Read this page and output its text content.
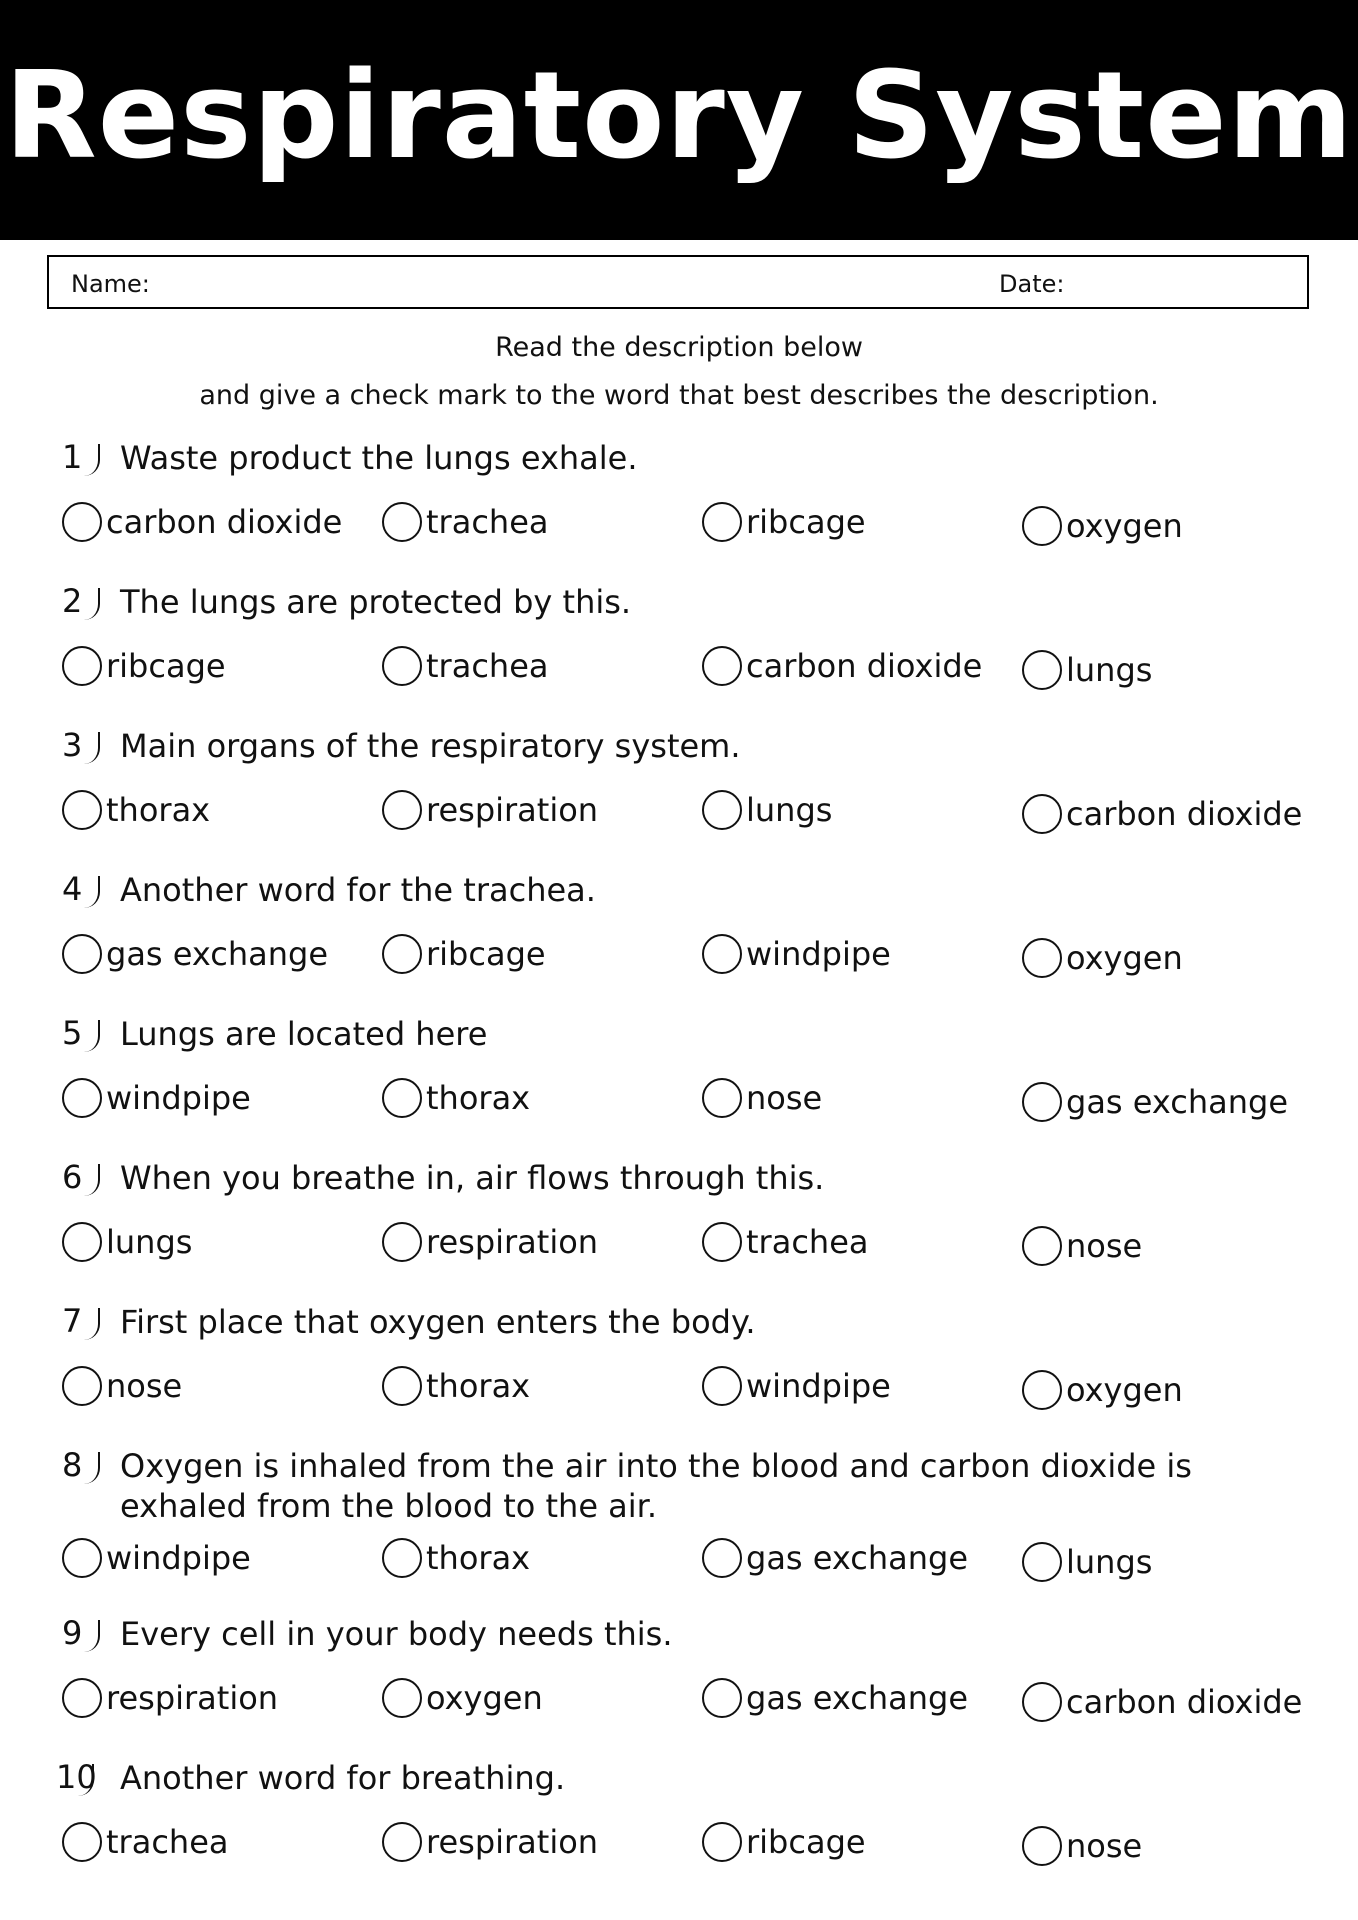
Respiratory System
Name:	Date:
Read the description below
and give a check mark to the word that best describes the description.
1	Waste product the lungs exhale.
carbon dioxide	trachea	ribcage	oxygen
2	The lungs are protected by this.
ribcage	trachea	carbon dioxide	lungs
3	Main organs of the respiratory system.
thorax	respiration	lungs	carbon dioxide
4	Another word for the trachea.
gas exchange	ribcage	windpipe	oxygen
5	Lungs are located here
windpipe	thorax	nose	gas exchange
6	When you breathe in, air flows through this.
lungs	respiration	trachea	nose
7	First place that oxygen enters the body.
nose	thorax	windpipe	oxygen
8	Oxygen is inhaled from the air into the blood and carbon dioxide is exhaled from the blood to the air.
windpipe	thorax	gas exchange	lungs
9	Every cell in your body needs this.
respiration	oxygen	gas exchange	carbon dioxide
10 Another word for breathing.
trachea	respiration	ribcage	nose
